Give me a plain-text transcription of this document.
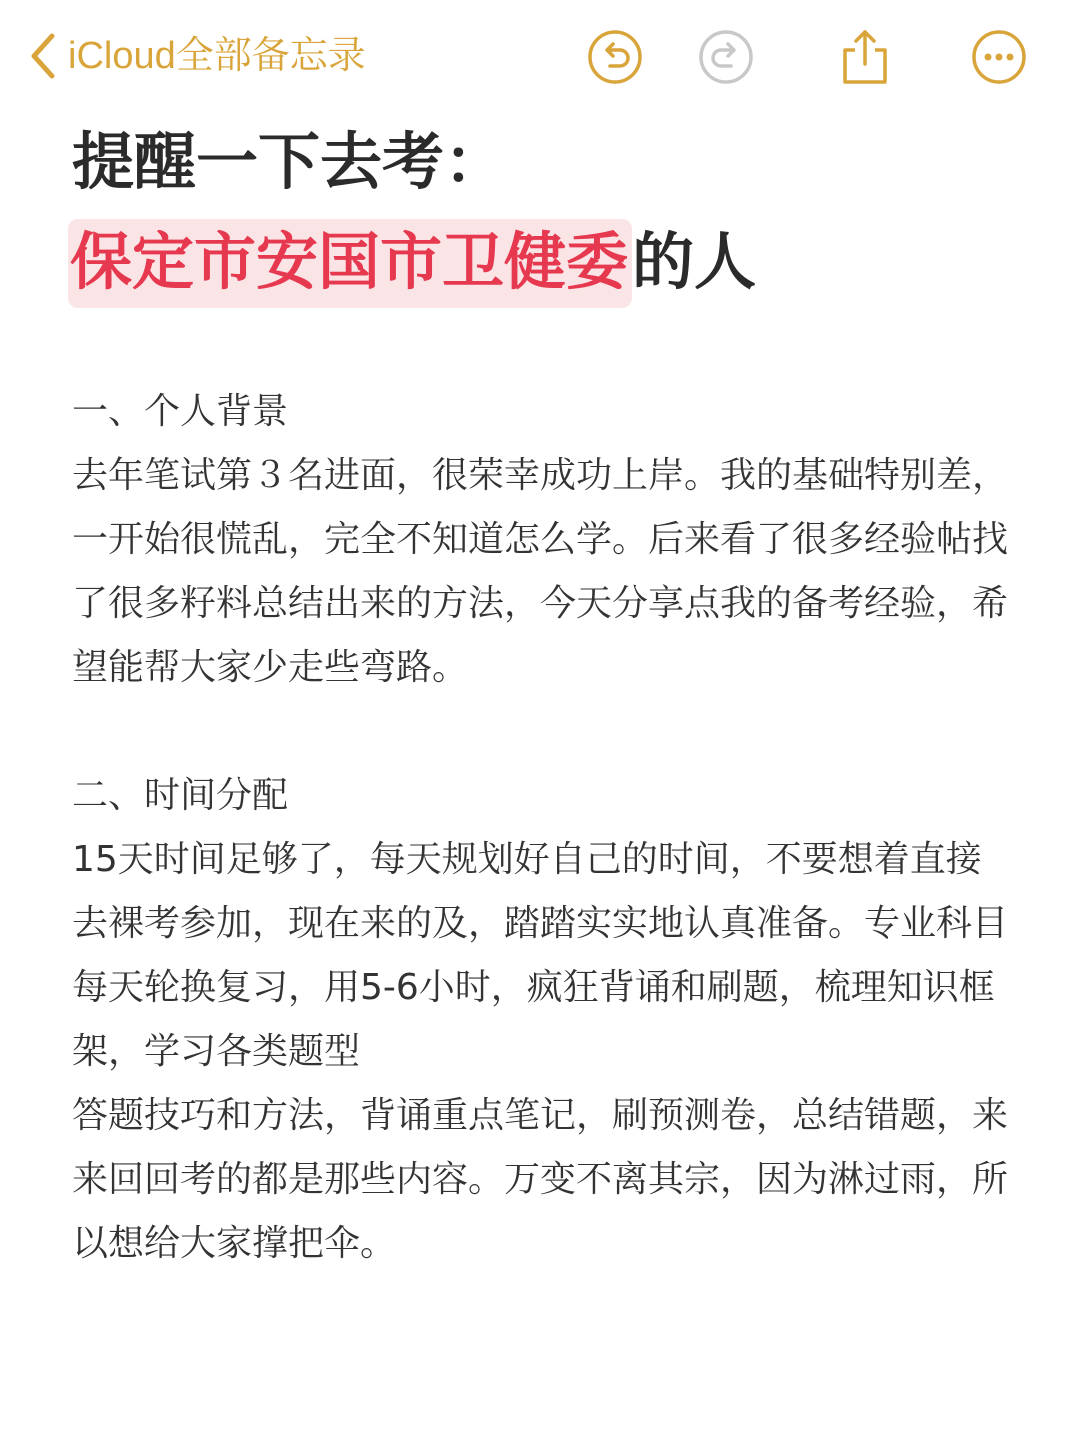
iCloud全部备忘录
提醒一下去考：
保定市安国市卫健委的人

一、个人背景

去年笔试第３名进面，很荣幸成功上岸。我的基础特别差，一开始很慌乱，完全不知道怎么学。后来看了很多经验帖找了很多籽料总结出来的方法，今天分享点我的备考经验，希望能帮大家少走些弯路。

二、时间分配

15天时间足够了，每天规划好自己的时间，不要想着直接去裸考参加，现在来的及，踏踏实实地认真准备。专业科目每天轮换复习，用5-6小时，疯狂背诵和刷题，梳理知识框架，学习各类题型

答题技巧和方法，背诵重点笔记，刷预测卷，总结错题，来来回回考的都是那些内容。万变不离其宗，因为淋过雨，所以想给大家撑把伞。
